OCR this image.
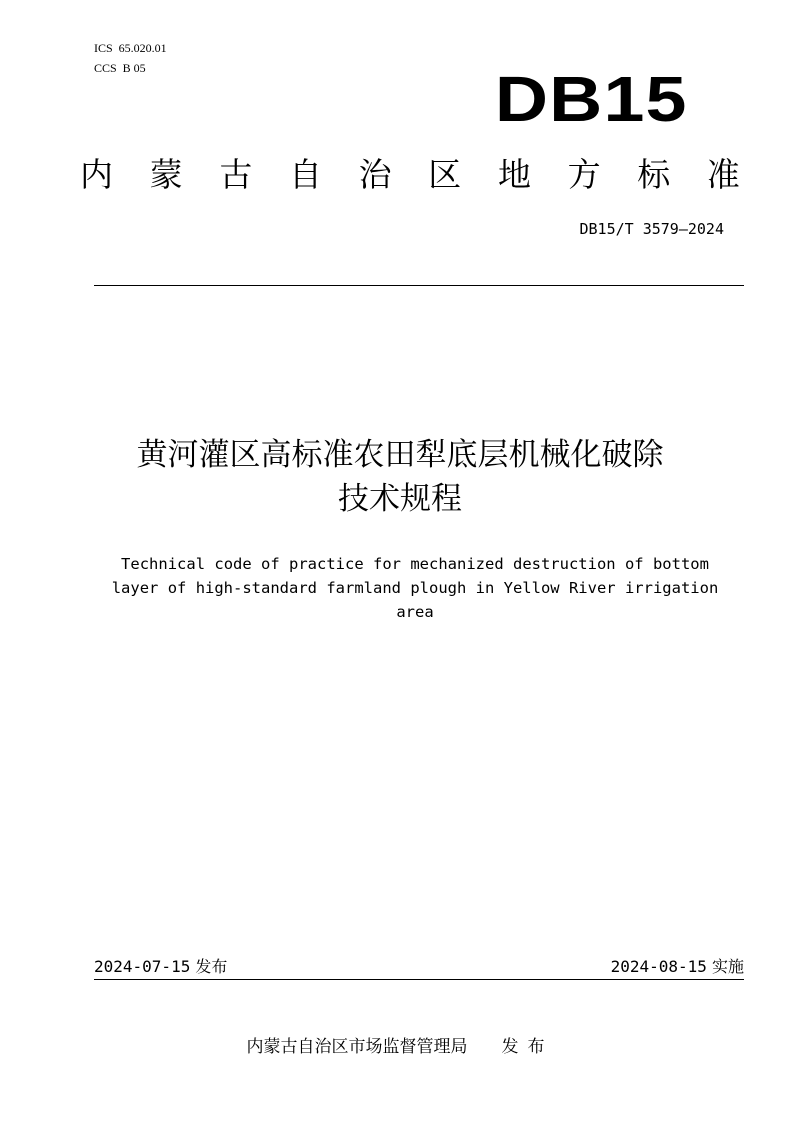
ICS  65.020.01
CCS  B 05	DB15
内 蒙 古 自 治 区 地 方 标 准
DB15/T 3579—2024
黄河灌区高标准农田犁底层机械化破除
技术规程
Technical code of practice for mechanized destruction of bottom layer of high-standard farmland plough in Yellow River irrigation area
2024-07-15 发布	2024-08-15 实施
内蒙古自治区市场监督管理局 发布
